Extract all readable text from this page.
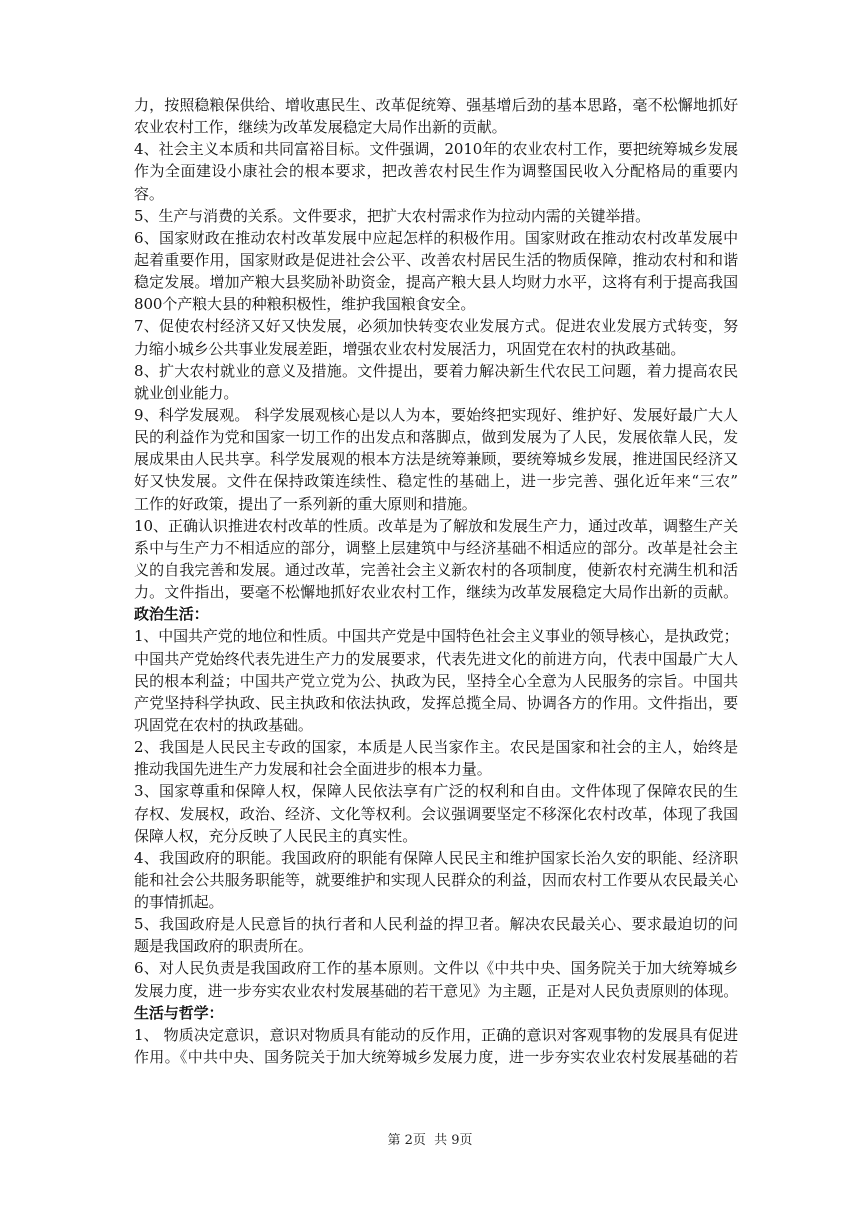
力，按照稳粮保供给、增收惠民生、改革促统筹、强基增后劲的基本思路，毫不松懈地抓好
农业农村工作，继续为改革发展稳定大局作出新的贡献。
4、社会主义本质和共同富裕目标。文件强调，2010年的农业农村工作，要把统筹城乡发展
作为全面建设小康社会的根本要求，把改善农村民生作为调整国民收入分配格局的重要内
容。
5、生产与消费的关系。文件要求，把扩大农村需求作为拉动内需的关键举措。
6、国家财政在推动农村改革发展中应起怎样的积极作用。国家财政在推动农村改革发展中
起着重要作用，国家财政是促进社会公平、改善农村居民生活的物质保障，推动农村和和谐
稳定发展。增加产粮大县奖励补助资金，提高产粮大县人均财力水平，这将有利于提高我国
800个产粮大县的种粮积极性，维护我国粮食安全。
7、促使农村经济又好又快发展，必须加快转变农业发展方式。促进农业发展方式转变，努
力缩小城乡公共事业发展差距，增强农业农村发展活力，巩固党在农村的执政基础。
8、扩大农村就业的意义及措施。文件提出，要着力解决新生代农民工问题，着力提高农民
就业创业能力。
9、科学发展观。 科学发展观核心是以人为本，要始终把实现好、维护好、发展好最广大人
民的利益作为党和国家一切工作的出发点和落脚点，做到发展为了人民，发展依靠人民，发
展成果由人民共享。科学发展观的根本方法是统筹兼顾，要统筹城乡发展，推进国民经济又
好又快发展。文件在保持政策连续性、稳定性的基础上，进一步完善、强化近年来“三农”
工作的好政策，提出了一系列新的重大原则和措施。
10、正确认识推进农村改革的性质。改革是为了解放和发展生产力，通过改革，调整生产关
系中与生产力不相适应的部分，调整上层建筑中与经济基础不相适应的部分。改革是社会主
义的自我完善和发展。通过改革，完善社会主义新农村的各项制度，使新农村充满生机和活
力。文件指出，要毫不松懈地抓好农业农村工作，继续为改革发展稳定大局作出新的贡献。
政治生活：
1、中国共产党的地位和性质。中国共产党是中国特色社会主义事业的领导核心，是执政党；
中国共产党始终代表先进生产力的发展要求，代表先进文化的前进方向，代表中国最广大人
民的根本利益；中国共产党立党为公、执政为民，坚持全心全意为人民服务的宗旨。中国共
产党坚持科学执政、民主执政和依法执政，发挥总揽全局、协调各方的作用。文件指出，要
巩固党在农村的执政基础。
2、我国是人民民主专政的国家，本质是人民当家作主。农民是国家和社会的主人，始终是
推动我国先进生产力发展和社会全面进步的根本力量。
3、国家尊重和保障人权，保障人民依法享有广泛的权利和自由。文件体现了保障农民的生
存权、发展权，政治、经济、文化等权利。会议强调要坚定不移深化农村改革，体现了我国
保障人权，充分反映了人民民主的真实性。
4、我国政府的职能。我国政府的职能有保障人民民主和维护国家长治久安的职能、经济职
能和社会公共服务职能等，就要维护和实现人民群众的利益，因而农村工作要从农民最关心
的事情抓起。
5、我国政府是人民意旨的执行者和人民利益的捍卫者。解决农民最关心、要求最迫切的问
题是我国政府的职责所在。
6、对人民负责是我国政府工作的基本原则。文件以《中共中央、国务院关于加大统筹城乡
发展力度，进一步夯实农业农村发展基础的若干意见》为主题，正是对人民负责原则的体现。
生活与哲学：
1、 物质决定意识，意识对物质具有能动的反作用，正确的意识对客观事物的发展具有促进
作用。《中共中央、国务院关于加大统筹城乡发展力度，进一步夯实农业农村发展基础的若
第 2页 共 9页
